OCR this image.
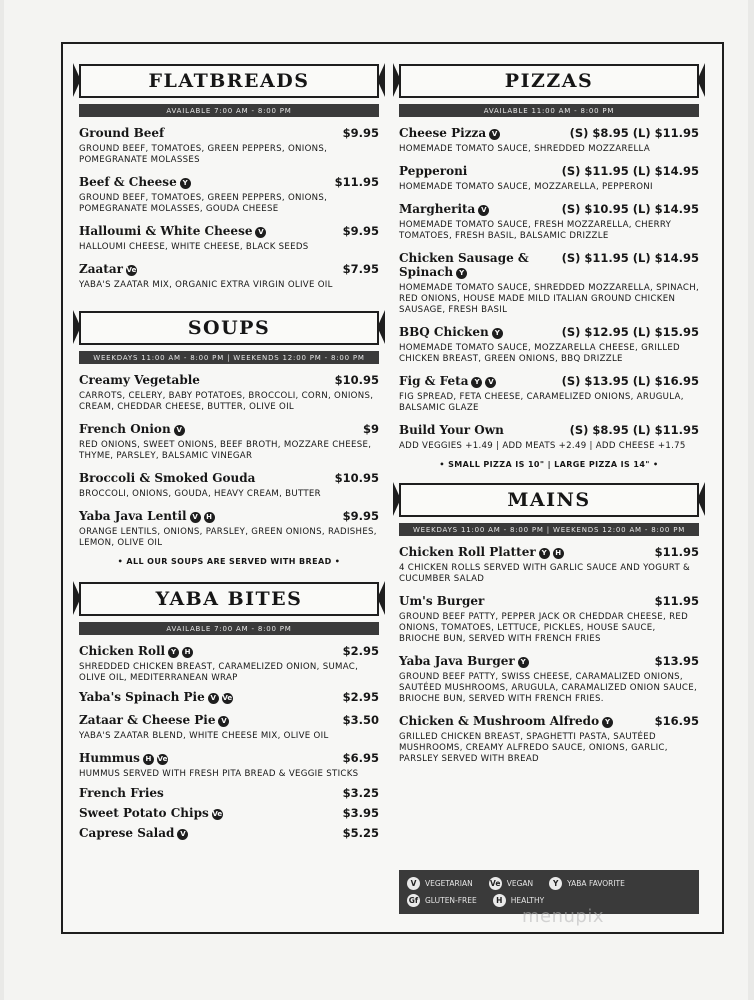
FLATBREADS
AVAILABLE 7:00 AM - 8:00 PM
Ground Beef	$9.95
GROUND BEEF, TOMATOES, GREEN PEPPERS, ONIONS, POMEGRANATE MOLASSES
Beef & Cheese Y	$11.95
GROUND BEEF, TOMATOES, GREEN PEPPERS, ONIONS, POMEGRANATE MOLASSES, GOUDA CHEESE
Halloumi & White Cheese V	$9.95
HALLOUMI CHEESE, WHITE CHEESE, BLACK SEEDS
Zaatar Ve	$7.95
YABA'S ZAATAR MIX, ORGANIC EXTRA VIRGIN OLIVE OIL
SOUPS
WEEKDAYS 11:00 AM - 8:00 PM | WEEKENDS 12:00 PM - 8:00 PM
Creamy Vegetable	$10.95
CARROTS, CELERY, BABY POTATOES, BROCCOLI, CORN, ONIONS, CREAM, CHEDDAR CHEESE, BUTTER, OLIVE OIL
French Onion V	$9
RED ONIONS, SWEET ONIONS, BEEF BROTH, MOZZARE CHEESE, THYME, PARSLEY, BALSAMIC VINEGAR
Broccoli & Smoked Gouda	$10.95
BROCCOLI, ONIONS, GOUDA, HEAVY CREAM, BUTTER
Yaba Java Lentil V H	$9.95
ORANGE LENTILS, ONIONS, PARSLEY, GREEN ONIONS, RADISHES, LEMON, OLIVE OIL
• ALL OUR SOUPS ARE SERVED WITH BREAD •
YABA BITES
AVAILABLE 7:00 AM - 8:00 PM
Chicken Roll Y H	$2.95
SHREDDED CHICKEN BREAST, CARAMELIZED ONION, SUMAC, OLIVE OIL, MEDITERRANEAN WRAP
Yaba's Spinach Pie V Ve	$2.95
Zataar & Cheese Pie V	$3.50
YABA'S ZAATAR BLEND, WHITE CHEESE MIX, OLIVE OIL
Hummus H Ve	$6.95
HUMMUS SERVED WITH FRESH PITA BREAD & VEGGIE STICKS
French Fries	$3.25
Sweet Potato Chips Ve	$3.95
Caprese Salad V	$5.25
PIZZAS
AVAILABLE 11:00 AM - 8:00 PM
Cheese Pizza V	(S) $8.95 (L) $11.95
HOMEMADE TOMATO SAUCE, SHREDDED MOZZARELLA
Pepperoni	(S) $11.95 (L) $14.95
HOMEMADE TOMATO SAUCE, MOZZARELLA, PEPPERONI
Margherita V	(S) $10.95 (L) $14.95
HOMEMADE TOMATO SAUCE, FRESH MOZZARELLA, CHERRY TOMATOES, FRESH BASIL, BALSAMIC DRIZZLE
Chicken Sausage & Spinach Y
(S) $11.95 (L) $14.95
HOMEMADE TOMATO SAUCE, SHREDDED MOZZARELLA, SPINACH, RED ONIONS, HOUSE MADE MILD ITALIAN GROUND CHICKEN SAUSAGE, FRESH BASIL
BBQ Chicken Y	(S) $12.95 (L) $15.95
HOMEMADE TOMATO SAUCE, MOZZARELLA CHEESE, GRILLED CHICKEN BREAST, GREEN ONIONS, BBQ DRIZZLE
Fig & Feta Y V	(S) $13.95 (L) $16.95
FIG SPREAD, FETA CHEESE, CARAMELIZED ONIONS, ARUGULA, BALSAMIC GLAZE
Build Your Own	(S) $8.95 (L) $11.95
ADD VEGGIES +1.49 | ADD MEATS +2.49 | ADD CHEESE +1.75
• SMALL PIZZA IS 10" | LARGE PIZZA IS 14" •
MAINS
WEEKDAYS 11:00 AM - 8:00 PM | WEEKENDS 12:00 AM - 8:00 PM
Chicken Roll Platter Y H	$11.95
4 CHICKEN ROLLS SERVED WITH GARLIC SAUCE AND YOGURT & CUCUMBER SALAD
Um's Burger	$11.95
GROUND BEEF PATTY, PEPPER JACK OR CHEDDAR CHEESE, RED ONIONS, TOMATOES, LETTUCE, PICKLES, HOUSE SAUCE, BRIOCHE BUN, SERVED WITH FRENCH FRIES
Yaba Java Burger Y	$13.95
GROUND BEEF PATTY, SWISS CHEESE, CARAMALIZED ONIONS, SAUTÉED MUSHROOMS, ARUGULA, CARAMALIZED ONION SAUCE, BRIOCHE BUN, SERVED WITH FRENCH FRIES.
Chicken & Mushroom Alfredo Y	$16.95
GRILLED CHICKEN BREAST, SPAGHETTI PASTA, SAUTÉED MUSHROOMS, CREAMY ALFREDO SAUCE, ONIONS, GARLIC, PARSLEY SERVED WITH BREAD
V	VEGETARIAN Ve VEGAN	Y	YABA FAVORITE
Gf GLUTEN-FREE	H	HEALTHY
menupix
